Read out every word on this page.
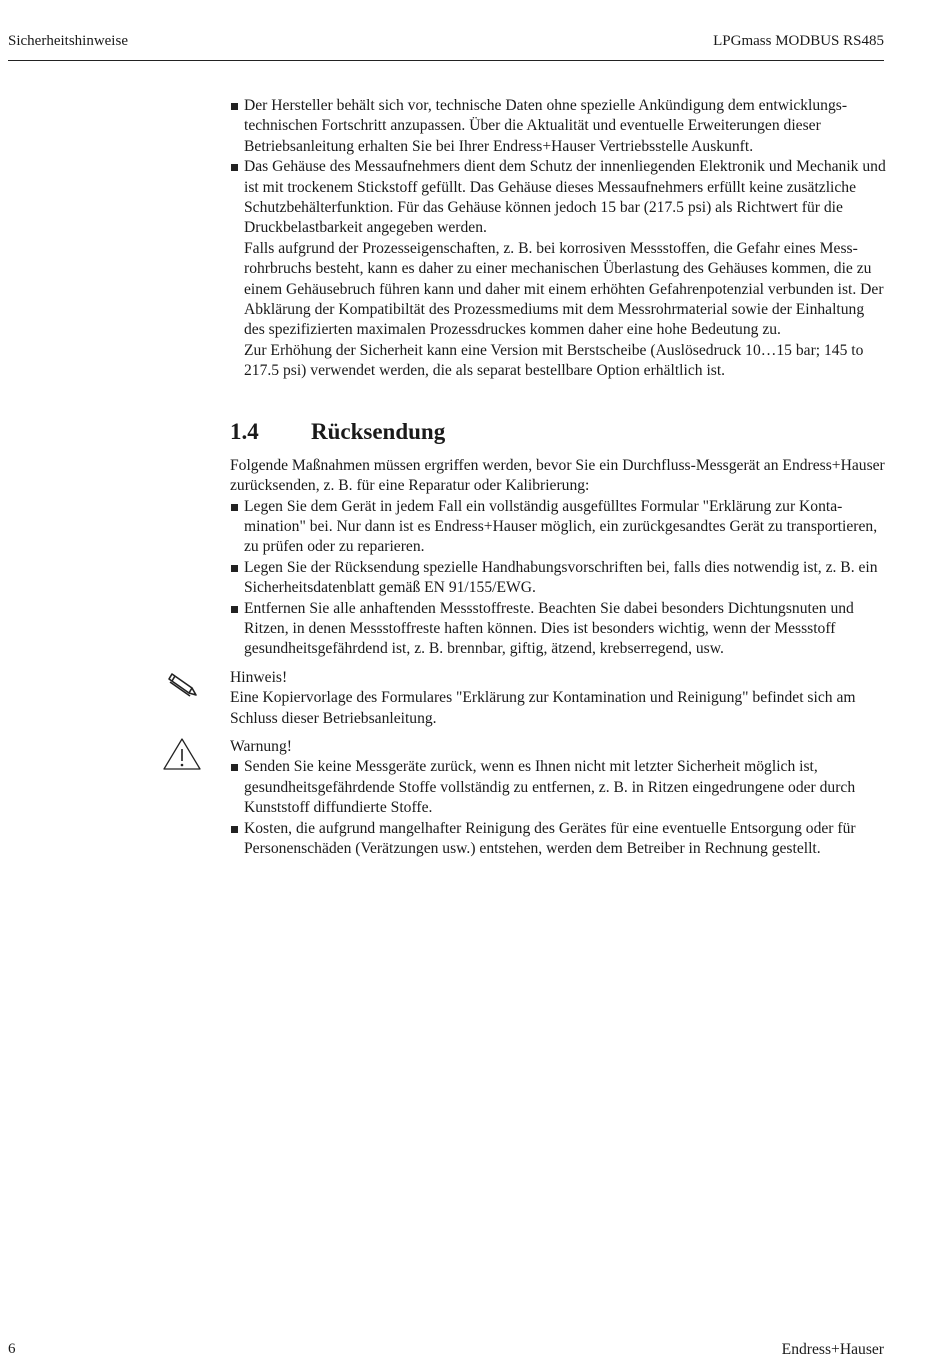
Sicherheitshinweise	LPGmass MODBUS RS485
Der Hersteller behält sich vor, technische Daten ohne spezielle Ankündigung dem entwicklungstechnischen Fortschritt anzupassen. Über die Aktualität und eventuelle Erweiterungen dieser Betriebsanleitung erhalten Sie bei Ihrer Endress+Hauser Vertriebsstelle Auskunft.
Das Gehäuse des Messaufnehmers dient dem Schutz der innenliegenden Elektronik und Mechanik und ist mit trockenem Stickstoff gefüllt. Das Gehäuse dieses Messaufnehmers erfüllt keine zusätzliche Schutzbehälterfunktion. Für das Gehäuse können jedoch 15 bar (217.5 psi) als Richtwert für die Druckbelastbarkeit angegeben werden.
Falls aufgrund der Prozesseigenschaften, z. B. bei korrosiven Messstoffen, die Gefahr eines Messrohrbruchs besteht, kann es daher zu einer mechanischen Überlastung des Gehäuses kommen, die zu einem Gehäusebruch führen kann und daher mit einem erhöhten Gefahrenpotenzial verbunden ist. Der Abklärung der Kompatibiltät des Prozessmediums mit dem Messrohrmaterial sowie der Einhaltung des spezifizierten maximalen Prozessdruckes kommen daher eine hohe Bedeutung zu.
Zur Erhöhung der Sicherheit kann eine Version mit Berstscheibe (Auslösedruck 10…15 bar; 145 to 217.5 psi) verwendet werden, die als separat bestellbare Option erhältlich ist.
1.4 Rücksendung
Folgende Maßnahmen müssen ergriffen werden, bevor Sie ein Durchfluss-Messgerät an Endress+Hauser zurücksenden, z. B. für eine Reparatur oder Kalibrierung:
Legen Sie dem Gerät in jedem Fall ein vollständig ausgefülltes Formular "Erklärung zur Kontamination" bei. Nur dann ist es Endress+Hauser möglich, ein zurückgesandtes Gerät zu transportieren, zu prüfen oder zu reparieren.
Legen Sie der Rücksendung spezielle Handhabungsvorschriften bei, falls dies notwendig ist, z. B. ein Sicherheitsdatenblatt gemäß EN 91/155/EWG.
Entfernen Sie alle anhaftenden Messstoffreste. Beachten Sie dabei besonders Dichtungsnuten und Ritzen, in denen Messstoffreste haften können. Dies ist besonders wichtig, wenn der Messstoff gesundheitsgefährdend ist, z. B. brennbar, giftig, ätzend, krebserregend, usw.
Hinweis!
Eine Kopiervorlage des Formulares "Erklärung zur Kontamination und Reinigung" befindet sich am Schluss dieser Betriebsanleitung.
Warnung!
Senden Sie keine Messgeräte zurück, wenn es Ihnen nicht mit letzter Sicherheit möglich ist, gesundheitsgefährdende Stoffe vollständig zu entfernen, z. B. in Ritzen eingedrungene oder durch Kunststoff diffundierte Stoffe.
Kosten, die aufgrund mangelhafter Reinigung des Gerätes für eine eventuelle Entsorgung oder für Personenschäden (Verätzungen usw.) entstehen, werden dem Betreiber in Rechnung gestellt.
6	Endress+Hauser
